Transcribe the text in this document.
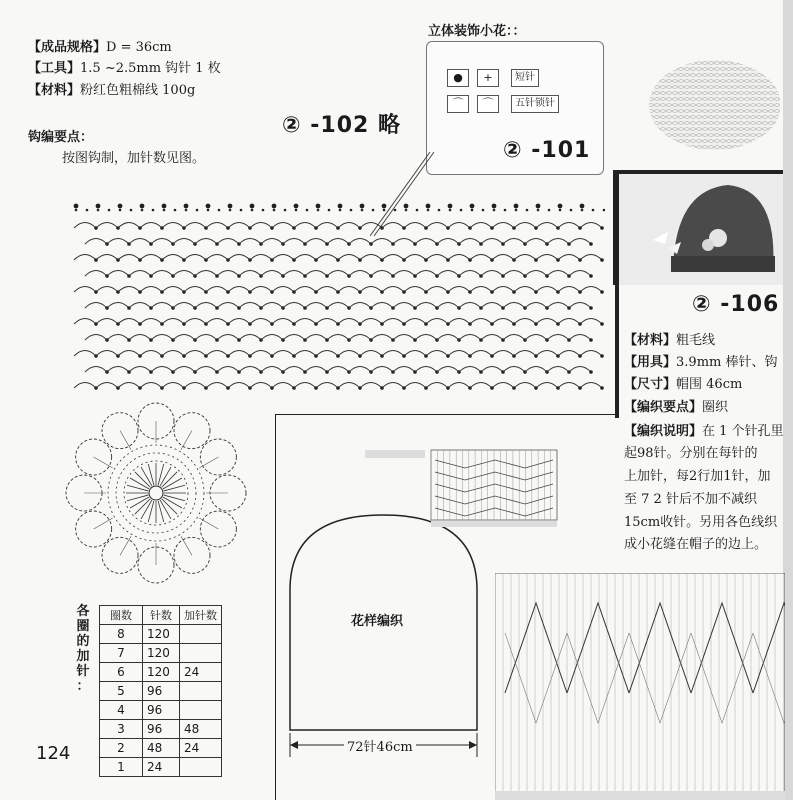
【成品规格】D = 36cm
【工具】1.5 ~2.5mm 钩针 1 枚
【材料】粉红色粗棉线 100g
钩编要点：
按图钩制，加针数见图。
② -102 略
立体装饰小花：：
●	+	短针
⌒	⌒	五针锁针
② -101
② -106
【材料】粗毛线
【用具】3.9mm 棒针、钩
【尺寸】帽围 46cm
【编织要点】圈织
【编织说明】在 1 个针孔里
起98针。分别在每针的
上加针，每2行加1针，加
至 7 2 针后不加不减织
15cm收针。另用各色线织
成小花缝在帽子的边上。
各
圈
的
加
针
：
圈数	针数	加针数
8	120	
7	120	
6	120	24
5	96	
4	96	
3	96	48
2	48	24
1	24	
124
花样编织
72针46cm
